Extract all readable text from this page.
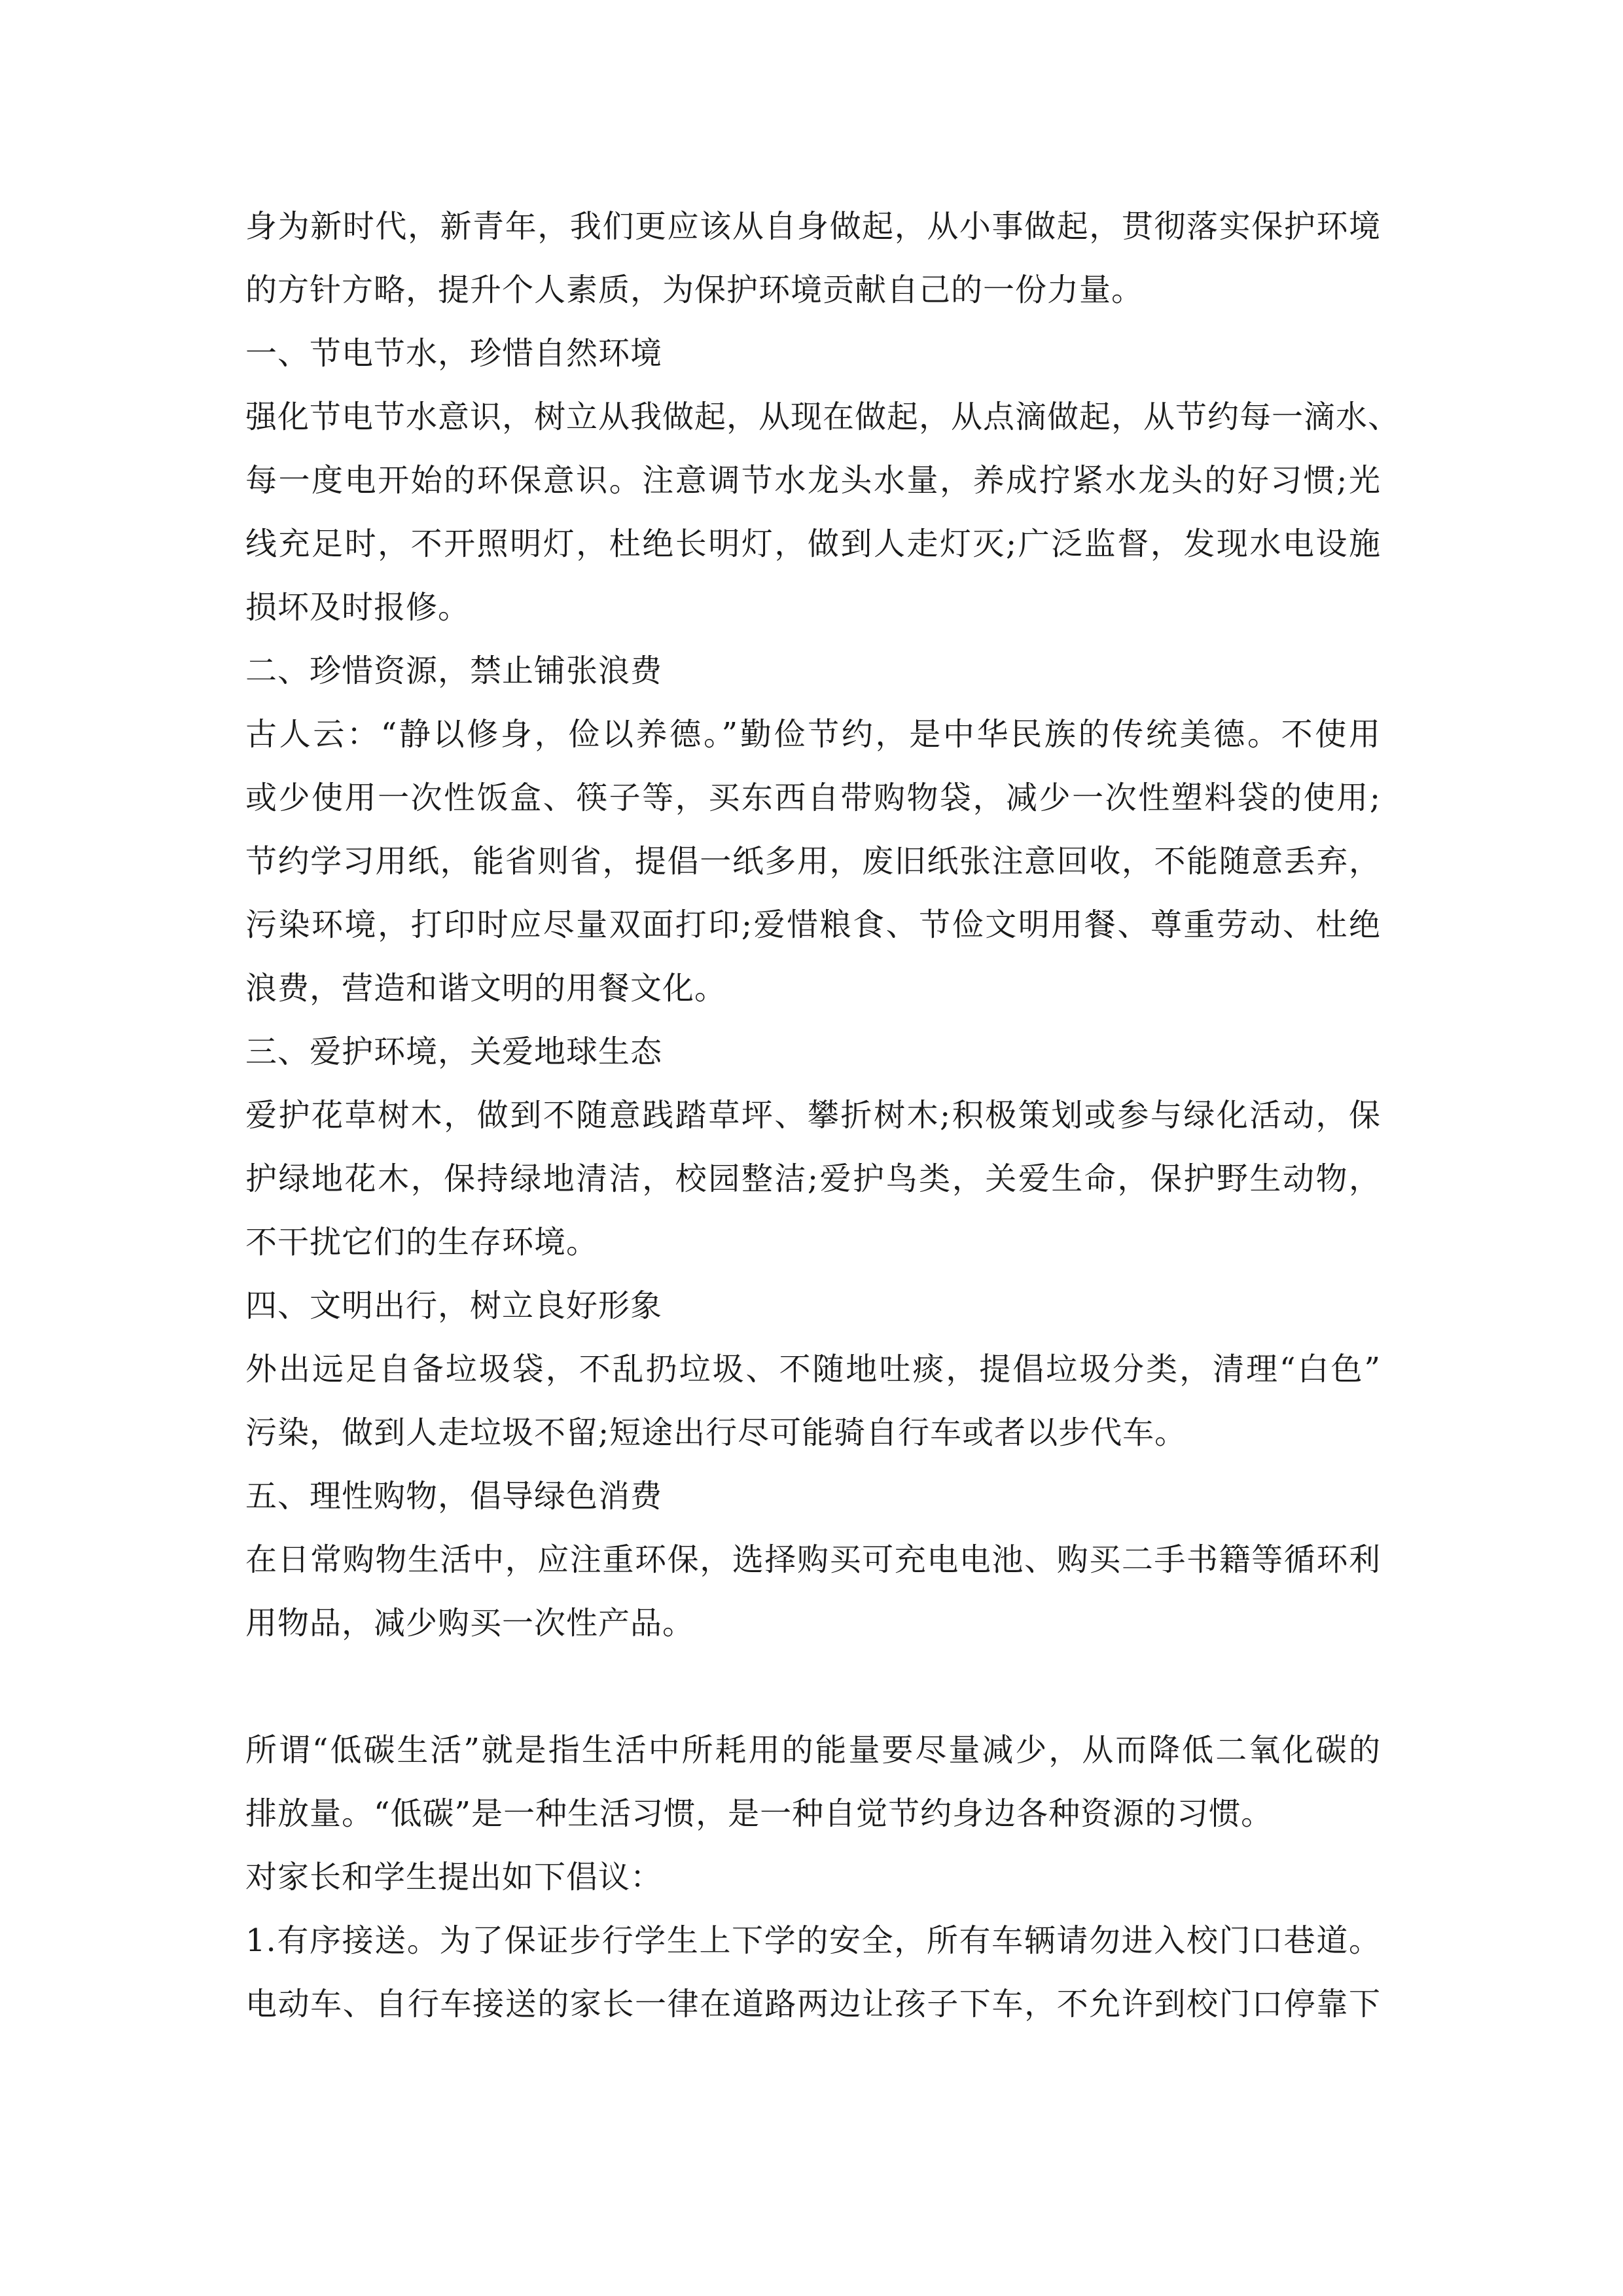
身为新时代，新青年，我们更应该从自身做起，从小事做起，贯彻落实保护环境
的方针方略，提升个人素质，为保护环境贡献自己的一份力量。
一、节电节水，珍惜自然环境
强化节电节水意识，树立从我做起，从现在做起，从点滴做起，从节约每一滴水、
每一度电开始的环保意识。注意调节水龙头水量，养成拧紧水龙头的好习惯;光
线充足时，不开照明灯，杜绝长明灯，做到人走灯灭;广泛监督，发现水电设施
损坏及时报修。
二、珍惜资源，禁止铺张浪费
古人云：“静以修身，俭以养德。”勤俭节约，是中华民族的传统美德。不使用
或少使用一次性饭盒、筷子等，买东西自带购物袋，减少一次性塑料袋的使用;
节约学习用纸，能省则省，提倡一纸多用，废旧纸张注意回收，不能随意丢弃，
污染环境，打印时应尽量双面打印;爱惜粮食、节俭文明用餐、尊重劳动、杜绝
浪费，营造和谐文明的用餐文化。
三、爱护环境，关爱地球生态
爱护花草树木，做到不随意践踏草坪、攀折树木;积极策划或参与绿化活动，保
护绿地花木，保持绿地清洁，校园整洁;爱护鸟类，关爱生命，保护野生动物，
不干扰它们的生存环境。
四、文明出行，树立良好形象
外出远足自备垃圾袋，不乱扔垃圾、不随地吐痰，提倡垃圾分类，清理“白色”
污染，做到人走垃圾不留;短途出行尽可能骑自行车或者以步代车。
五、理性购物，倡导绿色消费
在日常购物生活中，应注重环保，选择购买可充电电池、购买二手书籍等循环利
用物品，减少购买一次性产品。
所谓“低碳生活”就是指生活中所耗用的能量要尽量减少，从而降低二氧化碳的
排放量。“低碳”是一种生活习惯，是一种自觉节约身边各种资源的习惯。
对家长和学生提出如下倡议：
1.有序接送。为了保证步行学生上下学的安全，所有车辆请勿进入校门口巷道。
电动车、自行车接送的家长一律在道路两边让孩子下车，不允许到校门口停靠下
